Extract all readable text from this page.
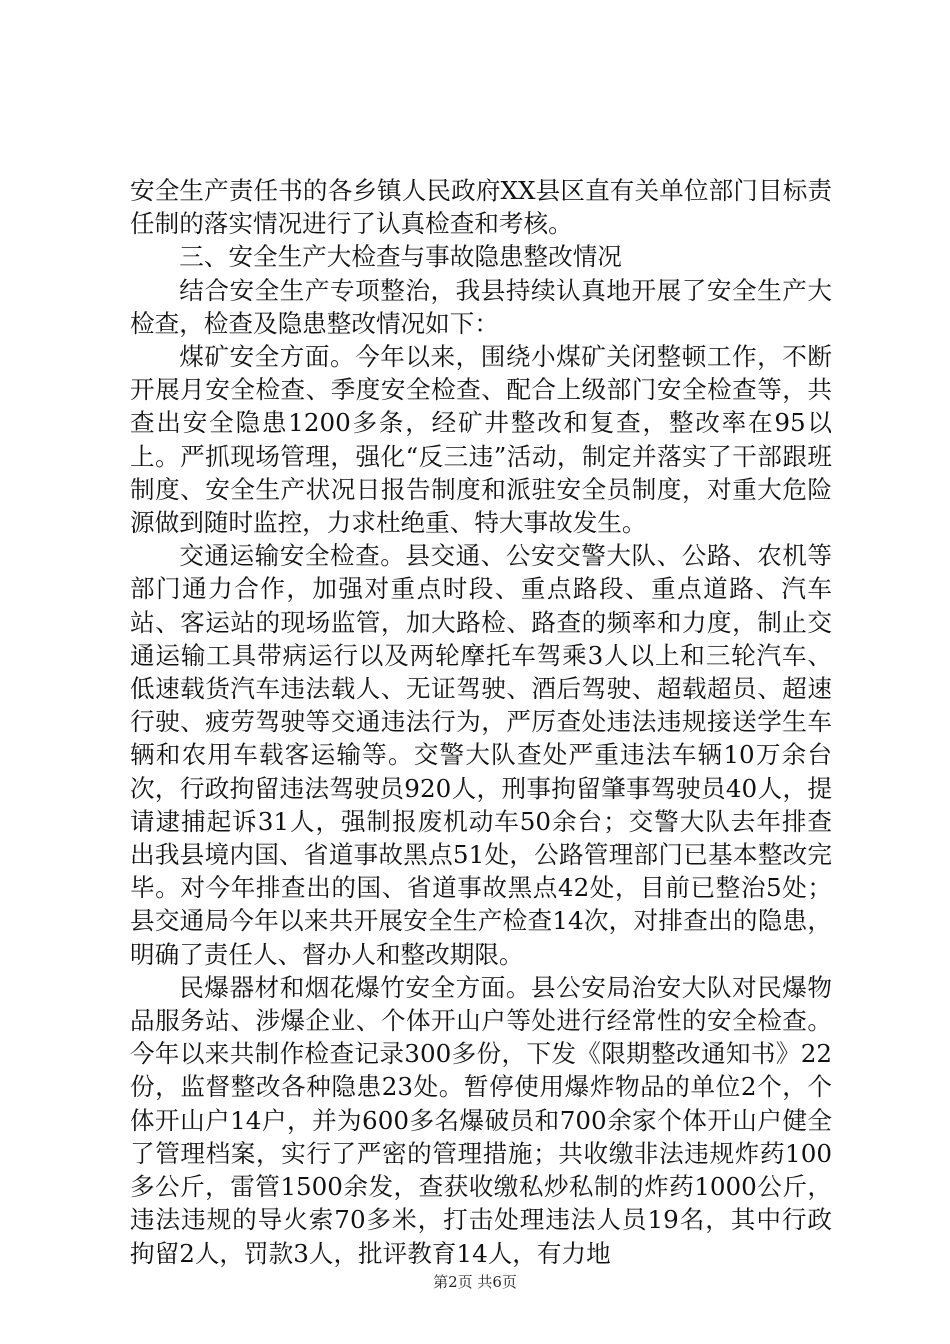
安全生产责任书的各乡镇人民政府XX县区直有关单位部门目标责任制的落实情况进行了认真检查和考核。

三、安全生产大检查与事故隐患整改情况

结合安全生产专项整治，我县持续认真地开展了安全生产大检查，检查及隐患整改情况如下：

煤矿安全方面。今年以来，围绕小煤矿关闭整顿工作，不断开展月安全检查、季度安全检查、配合上级部门安全检查等，共查出安全隐患1200多条，经矿井整改和复查，整改率在95以上。严抓现场管理，强化“反三违”活动，制定并落实了干部跟班制度、安全生产状况日报告制度和派驻安全员制度，对重大危险源做到随时监控，力求杜绝重、特大事故发生。

交通运输安全检查。县交通、公安交警大队、公路、农机等部门通力合作，加强对重点时段、重点路段、重点道路、汽车站、客运站的现场监管，加大路检、路查的频率和力度，制止交通运输工具带病运行以及两轮摩托车驾乘3人以上和三轮汽车、低速载货汽车违法载人、无证驾驶、酒后驾驶、超载超员、超速行驶、疲劳驾驶等交通违法行为，严厉查处违法违规接送学生车辆和农用车载客运输等。交警大队查处严重违法车辆10万余台次，行政拘留违法驾驶员920人，刑事拘留肇事驾驶员40人，提请逮捕起诉31人，强制报废机动车50余台；交警大队去年排查出我县境内国、省道事故黑点51处，公路管理部门已基本整改完毕。对今年排查出的国、省道事故黑点42处，目前已整治5处；县交通局今年以来共开展安全生产检查14次，对排查出的隐患，明确了责任人、督办人和整改期限。

民爆器材和烟花爆竹安全方面。县公安局治安大队对民爆物品服务站、涉爆企业、个体开山户等处进行经常性的安全检查。今年以来共制作检查记录300多份，下发《限期整改通知书》22份，监督整改各种隐患23处。暂停使用爆炸物品的单位2个，个体开山户14户，并为600多名爆破员和700余家个体开山户健全了管理档案，实行了严密的管理措施；共收缴非法违规炸药100多公斤，雷管1500余发，查获收缴私炒私制的炸药1000公斤，违法违规的导火索70多米，打击处理违法人员19名，其中行政拘留2人，罚款3人，批评教育14人，有力地

第2页 共6页
